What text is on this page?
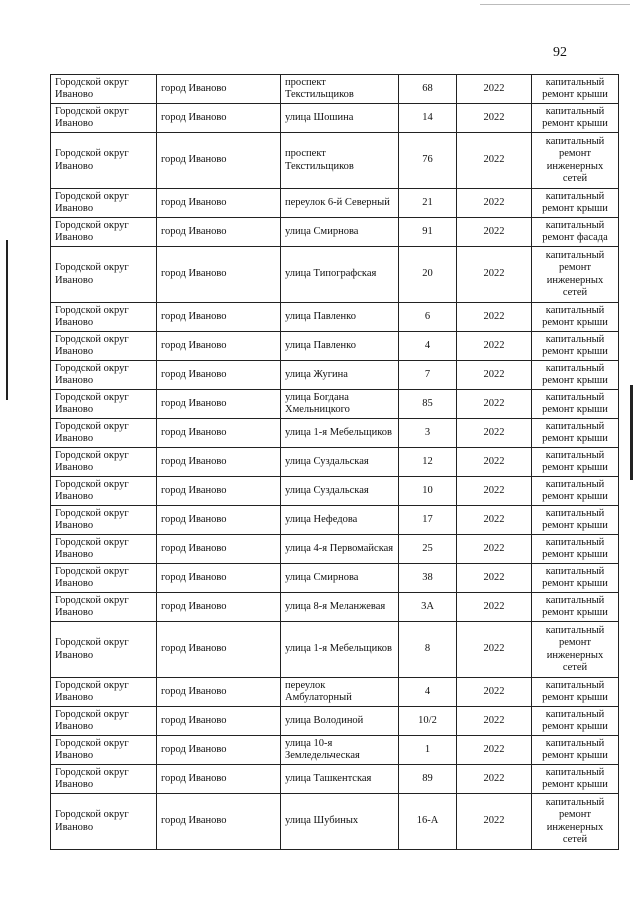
92
Городской округ Иваново	город Иваново	проспект Текстильщиков	68	2022	капитальный ремонт крыши
Городской округ Иваново	город Иваново	улица Шошина	14	2022	капитальный ремонт крыши
Городской округ Иваново	город Иваново	проспект Текстильщиков	76	2022	капитальный ремонт инженерных сетей
Городской округ Иваново	город Иваново	переулок 6-й Северный	21	2022	капитальный ремонт крыши
Городской округ Иваново	город Иваново	улица Смирнова	91	2022	капитальный ремонт фасада
Городской округ Иваново	город Иваново	улица Типографская	20	2022	капитальный ремонт инженерных сетей
Городской округ Иваново	город Иваново	улица Павленко	6	2022	капитальный ремонт крыши
Городской округ Иваново	город Иваново	улица Павленко	4	2022	капитальный ремонт крыши
Городской округ Иваново	город Иваново	улица Жугина	7	2022	капитальный ремонт крыши
Городской округ Иваново	город Иваново	улица Богдана Хмельницкого	85	2022	капитальный ремонт крыши
Городской округ Иваново	город Иваново	улица 1-я Мебельщиков	3	2022	капитальный ремонт крыши
Городской округ Иваново	город Иваново	улица Суздальская	12	2022	капитальный ремонт крыши
Городской округ Иваново	город Иваново	улица Суздальская	10	2022	капитальный ремонт крыши
Городской округ Иваново	город Иваново	улица Нефедова	17	2022	капитальный ремонт крыши
Городской округ Иваново	город Иваново	улица 4-я Первомайская	25	2022	капитальный ремонт крыши
Городской округ Иваново	город Иваново	улица Смирнова	38	2022	капитальный ремонт крыши
Городской округ Иваново	город Иваново	улица 8-я Меланжевая	3А	2022	капитальный ремонт крыши
Городской округ Иваново	город Иваново	улица 1-я Мебельщиков	8	2022	капитальный ремонт инженерных сетей
Городской округ Иваново	город Иваново	переулок Амбулаторный	4	2022	капитальный ремонт крыши
Городской округ Иваново	город Иваново	улица Володиной	10/2	2022	капитальный ремонт крыши
Городской округ Иваново	город Иваново	улица 10-я Земледельческая	1	2022	капитальный ремонт крыши
Городской округ Иваново	город Иваново	улица Ташкентская	89	2022	капитальный ремонт крыши
Городской округ Иваново	город Иваново	улица Шубиных	16-А	2022	капитальный ремонт инженерных сетей
